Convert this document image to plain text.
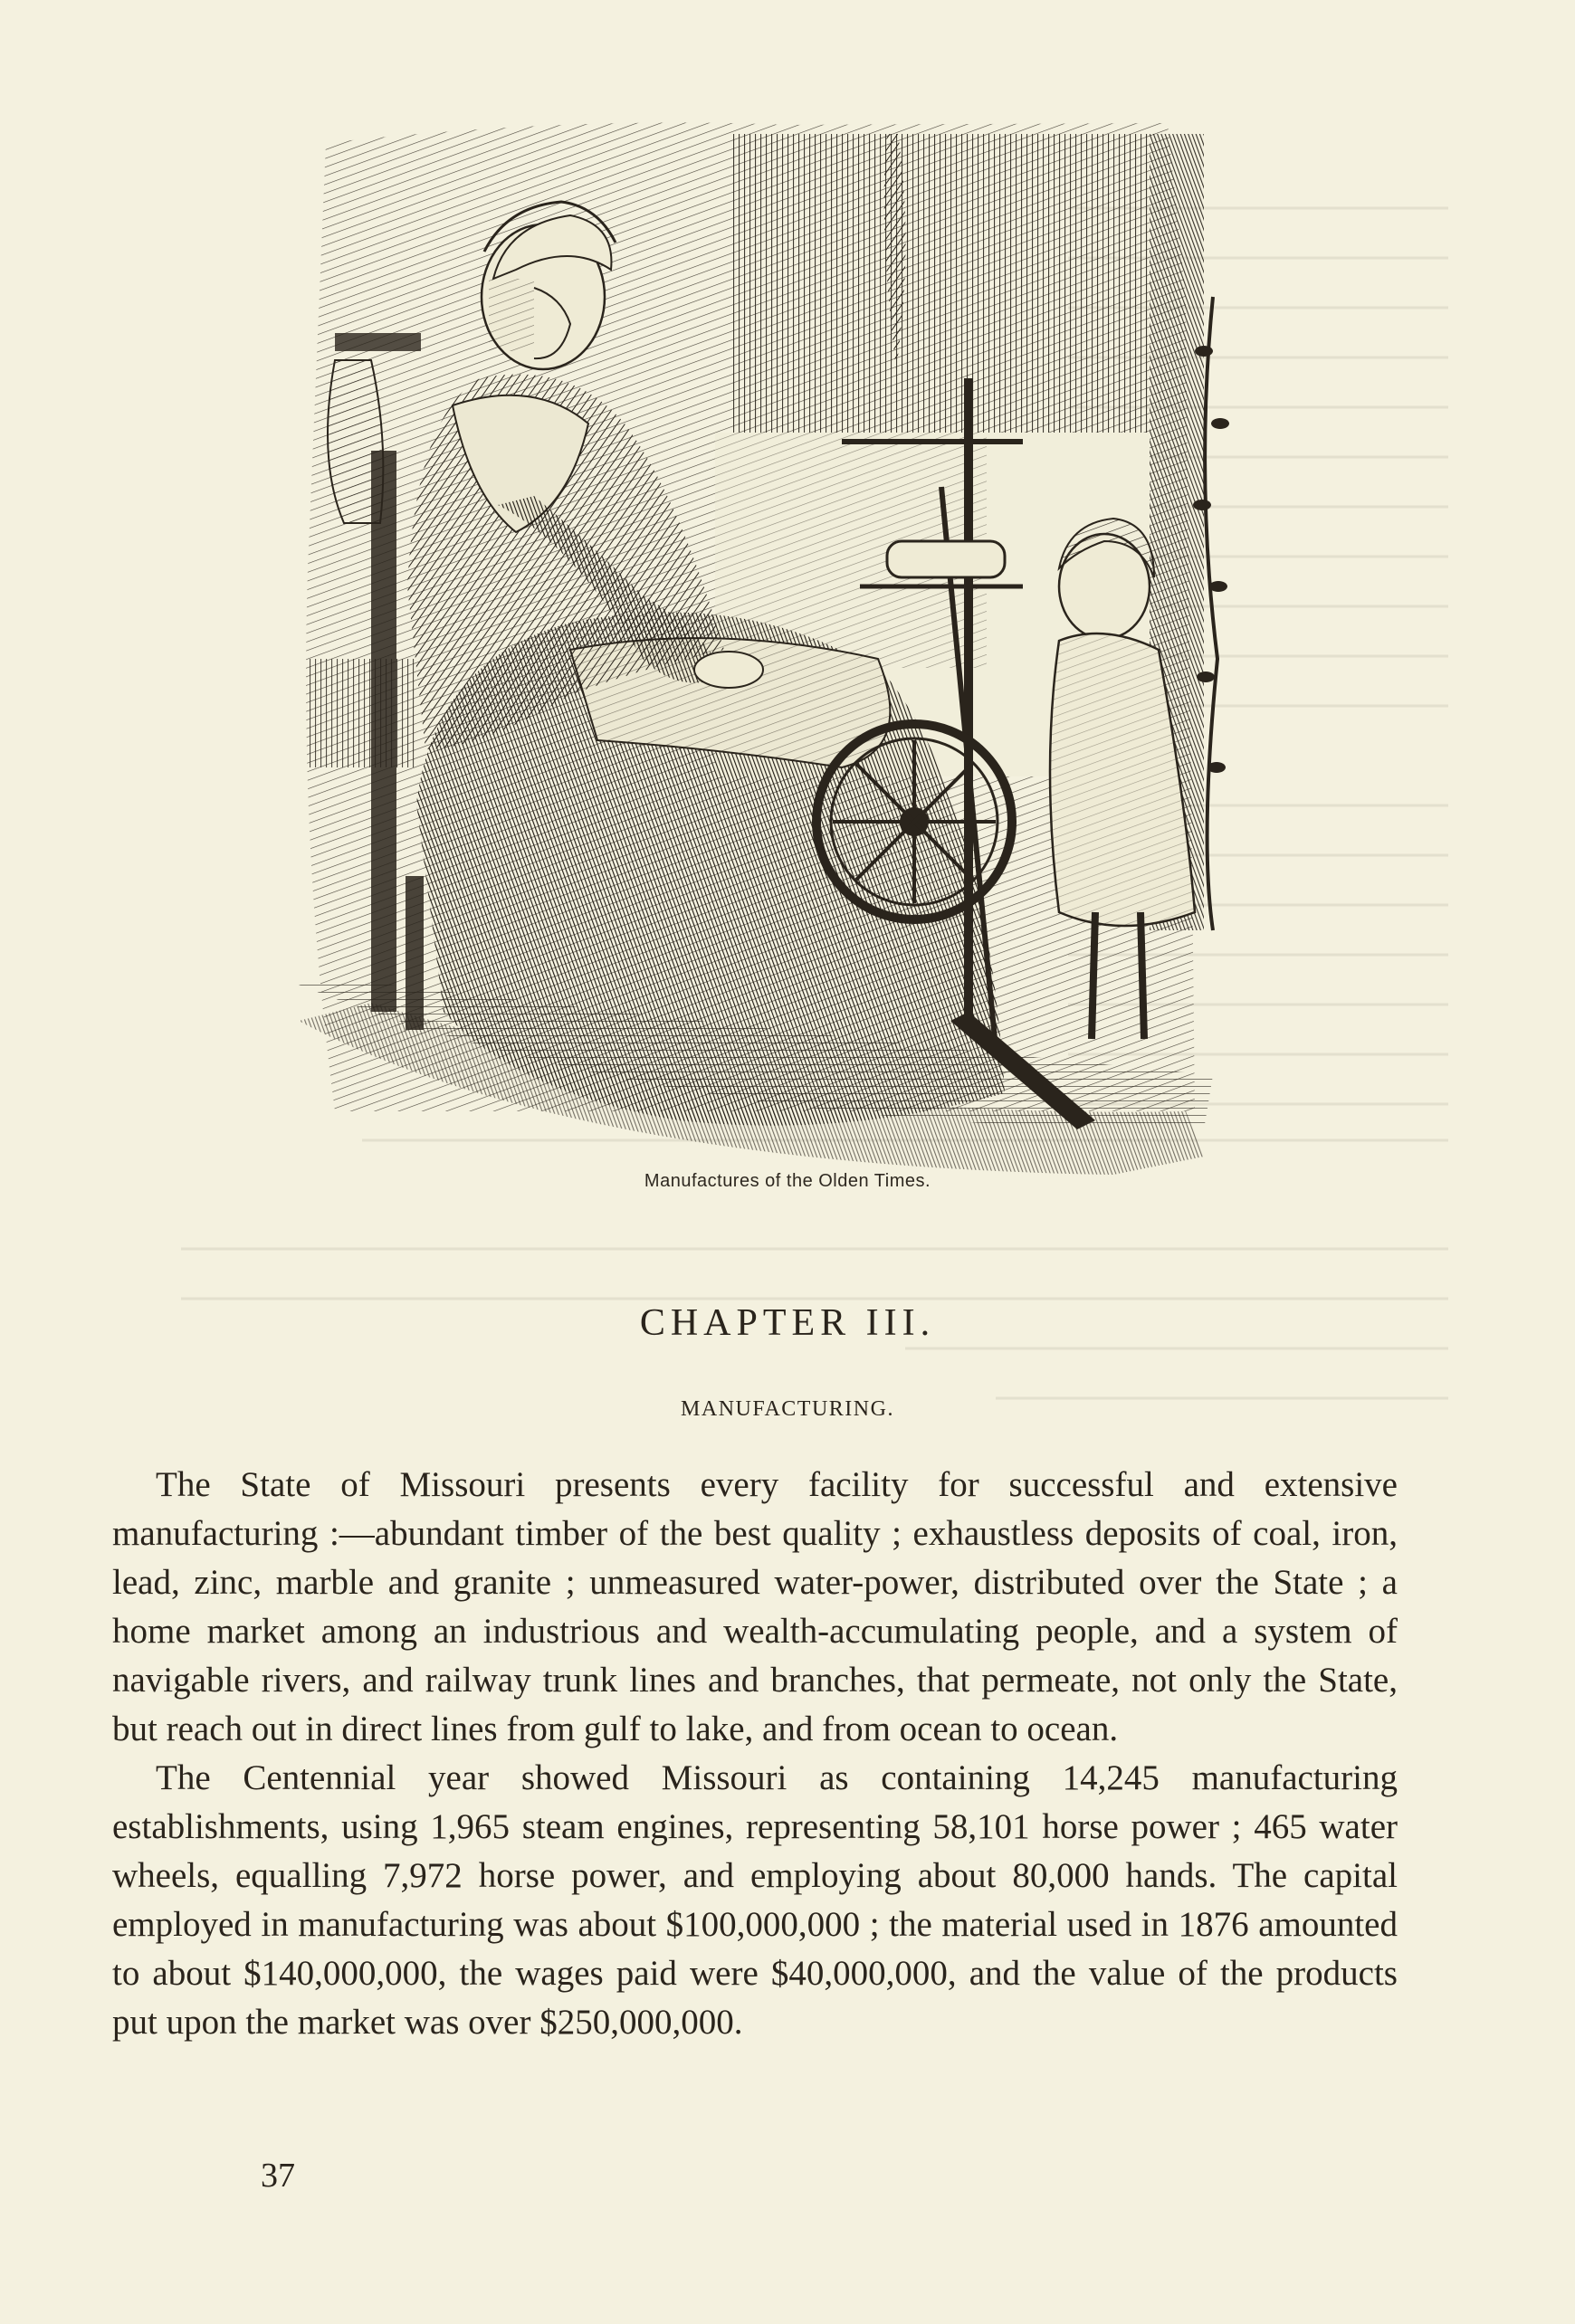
Manufactures of the Olden Times.
CHAPTER III.
MANUFACTURING.

The State of Missouri presents every facility for successful and extensive manufacturing :—abundant timber of the best quality ; exhaustless deposits of coal, iron, lead, zinc, marble and granite ; unmeasured water-power, distributed over the State ; a home market among an industrious and wealth-accumulating people, and a system of navigable rivers, and railway trunk lines and branches, that permeate, not only the State, but reach out in direct lines from gulf to lake, and from ocean to ocean.

The Centennial year showed Missouri as containing 14,245 manufacturing establishments, using 1,965 steam engines, representing 58,101 horse power ; 465 water wheels, equalling 7,972 horse power, and employing about 80,000 hands. The capital employed in manufacturing was about $100,000,000 ; the material used in 1876 amounted to about $140,000,000, the wages paid were $40,000,000, and the value of the products put upon the market was over $250,000,000.

37
